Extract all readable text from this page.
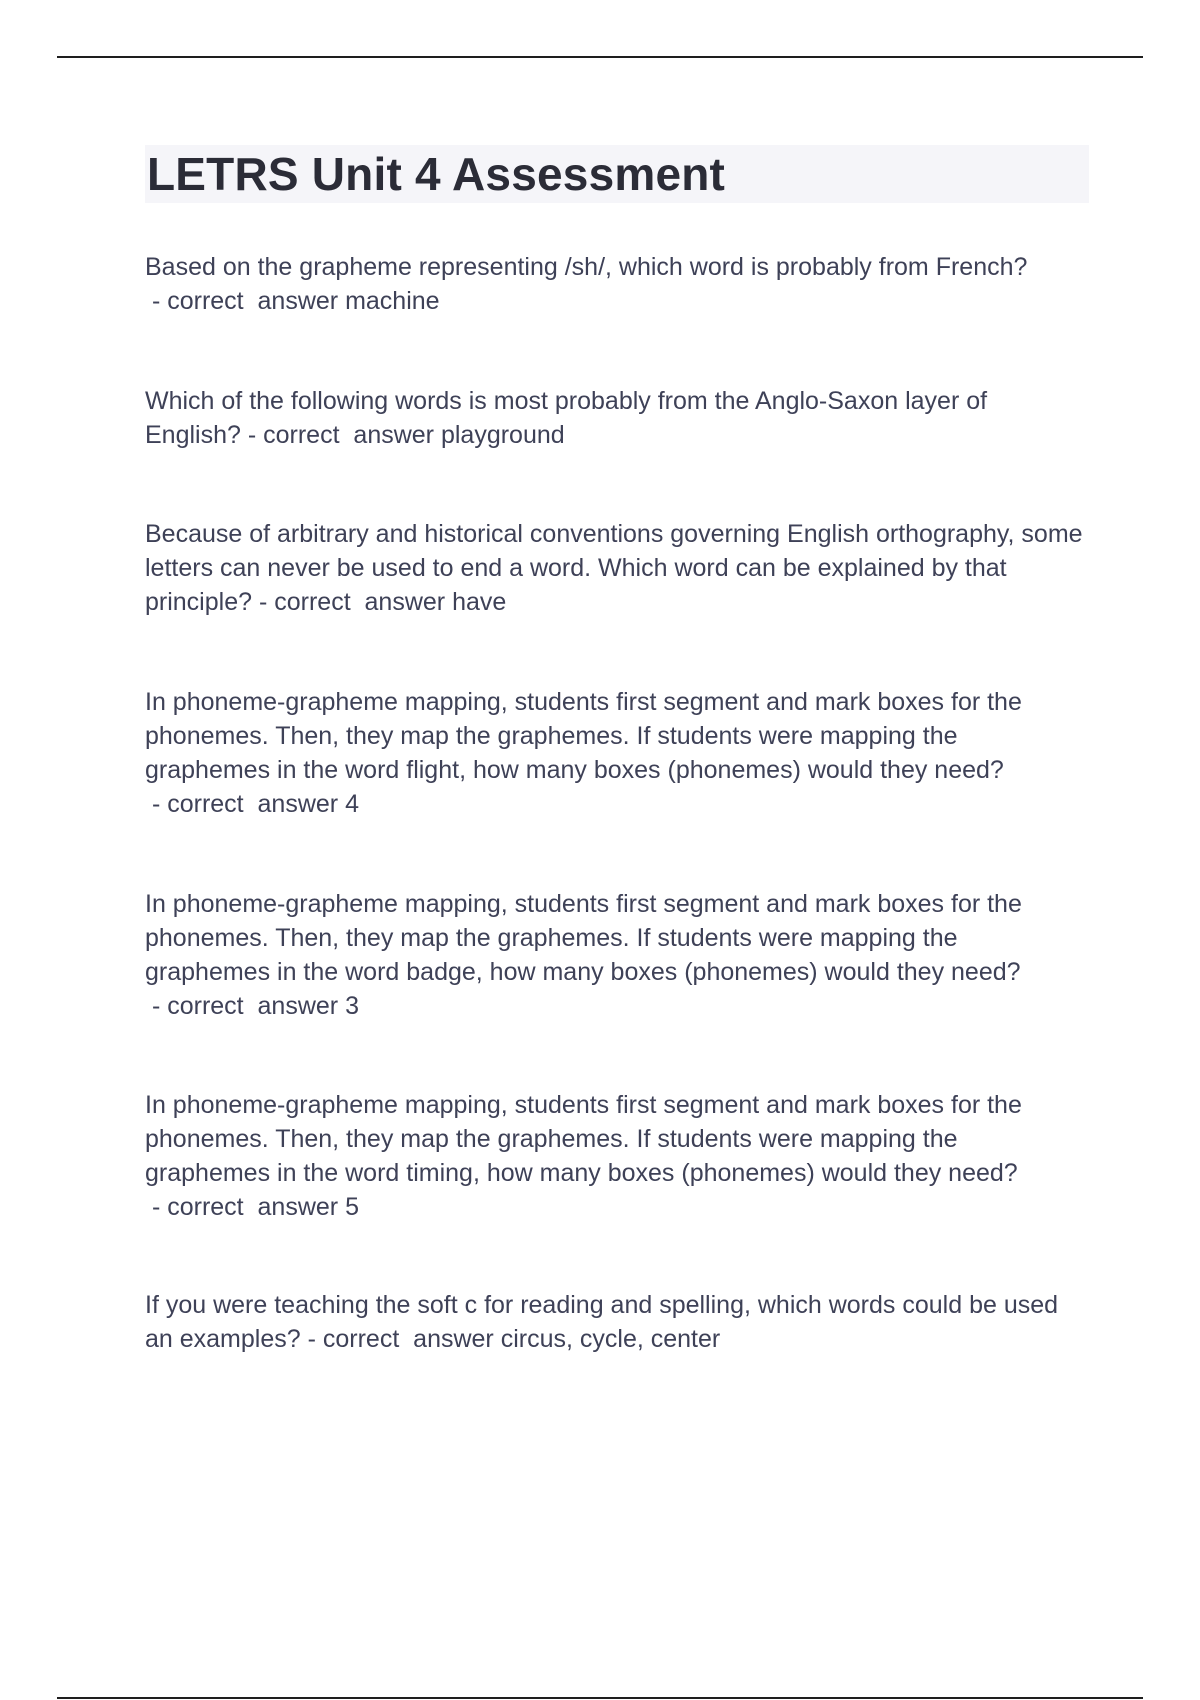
LETRS Unit 4 Assessment

Based on the grapheme representing /sh/, which word is probably from French? - correct  answer machine

Which of the following words is most probably from the Anglo-Saxon layer of English? - correct  answer playground

Because of arbitrary and historical conventions governing English orthography, some letters can never be used to end a word. Which word can be explained by that principle? - correct  answer have

In phoneme-grapheme mapping, students first segment and mark boxes for the phonemes. Then, they map the graphemes. If students were mapping the graphemes in the word flight, how many boxes (phonemes) would they need? - correct  answer 4

In phoneme-grapheme mapping, students first segment and mark boxes for the phonemes. Then, they map the graphemes. If students were mapping the graphemes in the word badge, how many boxes (phonemes) would they need? - correct  answer 3

In phoneme-grapheme mapping, students first segment and mark boxes for the phonemes. Then, they map the graphemes. If students were mapping the graphemes in the word timing, how many boxes (phonemes) would they need? - correct  answer 5

If you were teaching the soft c for reading and spelling, which words could be used an examples? - correct  answer circus, cycle, center
